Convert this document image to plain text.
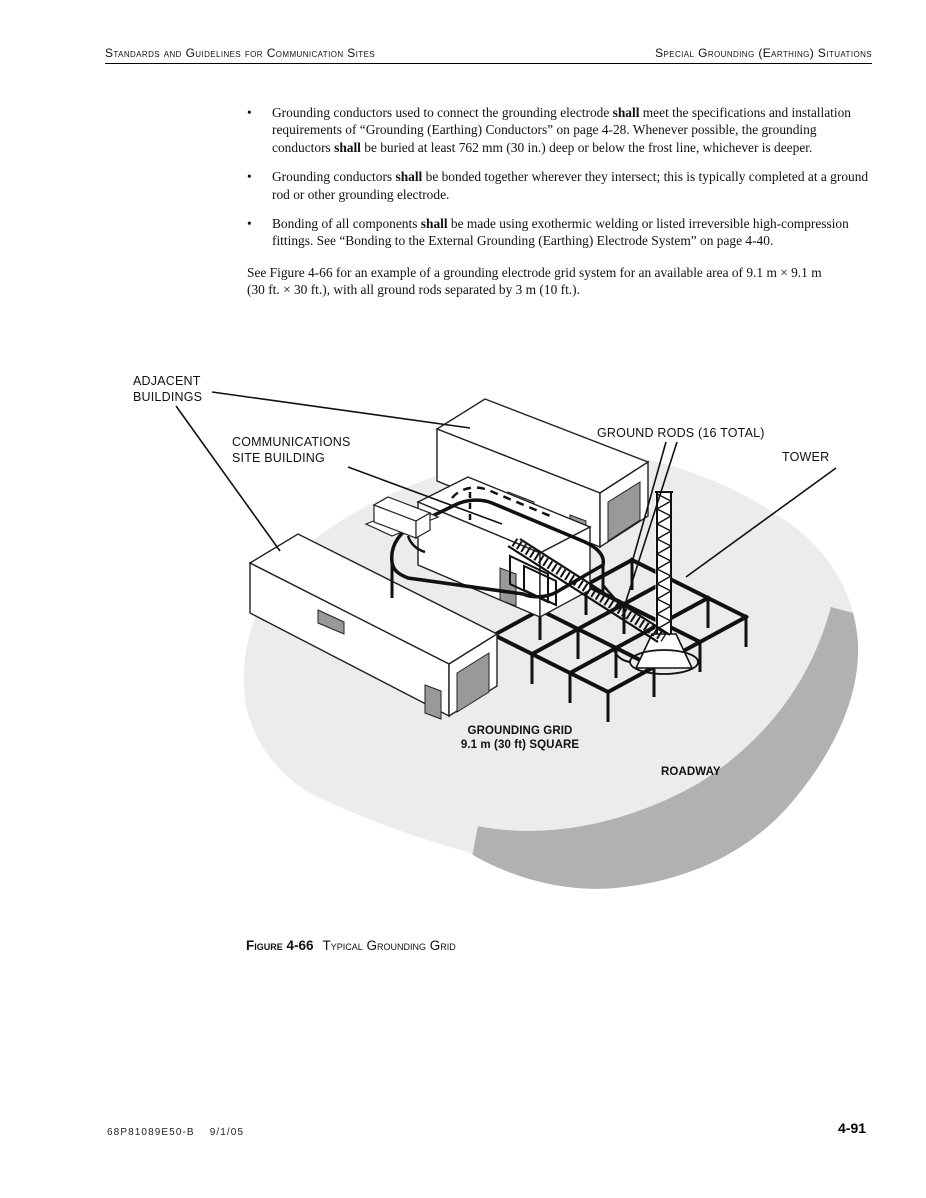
Standards and Guidelines for Communication Sites	Special Grounding (Earthing) Situations
•	Grounding conductors used to connect the grounding electrode shall meet the specifications and installation requirements of “Grounding (Earthing) Conductors” on page 4-28. Whenever possible, the grounding conductors shall be buried at least 762 mm (30 in.) deep or below the frost line, whichever is deeper.
•	Grounding conductors shall be bonded together wherever they intersect; this is typically completed at a ground rod or other grounding electrode.
•	Bonding of all components shall be made using exothermic welding or listed irreversible high-compression fittings. See “Bonding to the External Grounding (Earthing) Electrode System” on page 4-40.
See Figure 4-66 for an example of a grounding electrode grid system for an available area of 9.1 m × 9.1 m (30 ft. × 30 ft.), with all ground rods separated by 3 m (10 ft.).
ADJACENT BUILDINGS
COMMUNICATIONS SITE BUILDING
GROUND RODS (16 TOTAL)
TOWER
GROUNDING GRID
9.1 m (30 ft) SQUARE
ROADWAY
Figure 4-66 Typical Grounding Grid
68P81089E50-B 9/1/05	4-91
